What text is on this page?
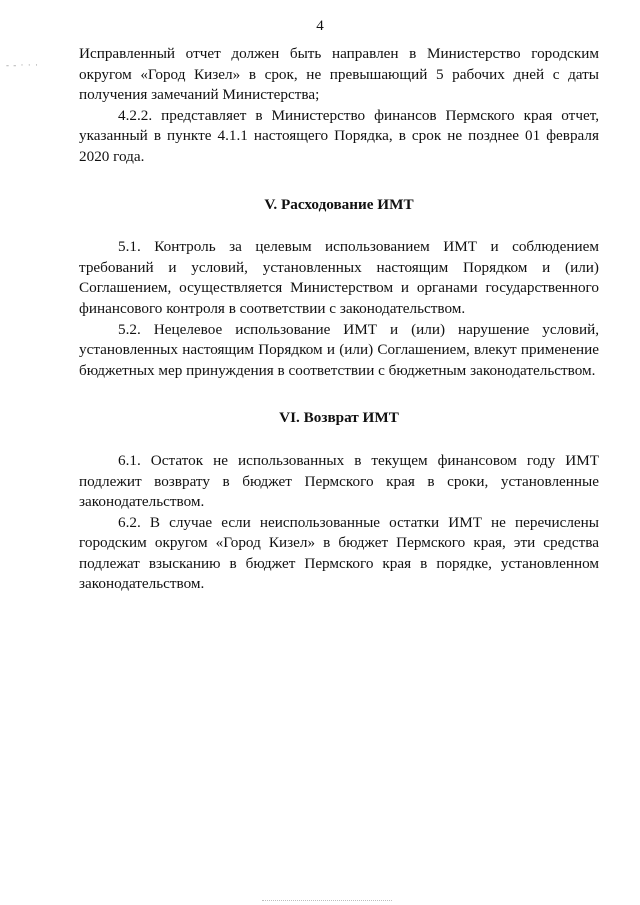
4
- - · · ·

Исправленный отчет должен быть направлен в Министерство городским округом «Город Кизел» в срок, не превышающий 5 рабочих дней с даты получения замечаний Министерства;

4.2.2. представляет в Министерство финансов Пермского края отчет, указанный в пункте 4.1.1 настоящего Порядка, в срок не позднее 01 февраля 2020 года.

V. Расходование ИМТ

5.1. Контроль за целевым использованием ИМТ и соблюдением требований и условий, установленных настоящим Порядком и (или) Соглашением, осуществляется Министерством и органами государственного финансового контроля в соответствии с законодательством.

5.2. Нецелевое использование ИМТ и (или) нарушение условий, установленных настоящим Порядком и (или) Соглашением, влекут применение бюджетных мер принуждения в соответствии с бюджетным законодательством.

VI. Возврат ИМТ

6.1. Остаток не использованных в текущем финансовом году ИМТ подлежит возврату в бюджет Пермского края в сроки, установленные законодательством.

6.2. В случае если неиспользованные остатки ИМТ не перечислены городским округом «Город Кизел» в бюджет Пермского края, эти средства подлежат взысканию в бюджет Пермского края в порядке, установленном законодательством.
